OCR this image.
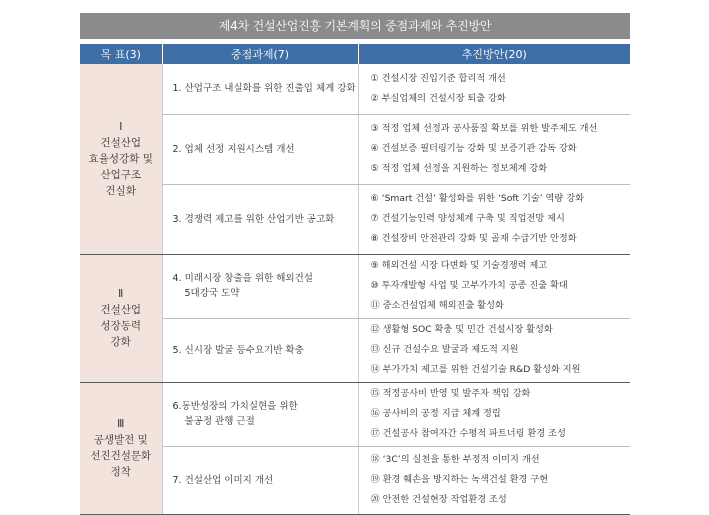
제4차 건설산업진흥 기본계획의 중점과제와 추진방안
목 표(3)	중점과제(7)	추진방안(20)

Ⅰ
건설산업
효율성강화 및
산업구조
건실화	1. 산업구조 내실화를 위한 진출입 체계 강화	① 건설시장 진입기준 합리적 개선
② 부실업체의 건설시장 퇴출 강화

	2. 업체 선정 지원시스템 개선	③ 적정 업체 선정과 공사품질 확보를 위한 발주제도 개선
④ 건설보증 필터링기능 강화 및 보증기관 감독 강화
⑤ 적정 업체 선정을 지원하는 정보체계 강화

	3. 경쟁력 제고를 위한 산업기반 공고화	⑥ ‘Smart 건설’ 활성화를 위한 ‘Soft 기술’ 역량 강화
⑦ 건설기능인력 양성체계 구축 및 직업전망 제시
⑧ 건설장비 안전관리 강화 및 골재 수급기반 안정화

Ⅱ
건설산업
성장동력
강화	4. 미래시장 창출을 위한 해외건설
5대강국 도약	⑨ 해외건설 시장 다변화 및 기술경쟁력 제고
⑩ 투자개발형 사업 및 고부가가치 공종 진출 확대
⑪ 중소건설업체 해외진출 활성화

	5. 신시장 발굴 등수요기반 확충	⑫ 생활형 SOC 확충 및 민간 건설시장 활성화
⑬ 신규 건설수요 발굴과 제도적 지원
⑭ 부가가치 제고를 위한 건설기술 R&D 활성화 지원

Ⅲ
공생발전 및
선진건설문화
정착	6.동반성장의 가치실현을 위한
불공정 관행 근절	⑮ 적정공사비 반영 및 발주자 책임 강화
⑯ 공사비의 공정 지급 체계 정립
⑰ 건설공사 참여자간 수평적 파트너링 환경 조성

	7. 건설산업 이미지 개선	⑱ ‘3C’의 실천을 통한 부정적 이미지 개선
⑲ 환경 훼손을 방지하는 녹색건설 환경 구현
⑳ 안전한 건설현장 작업환경 조성
